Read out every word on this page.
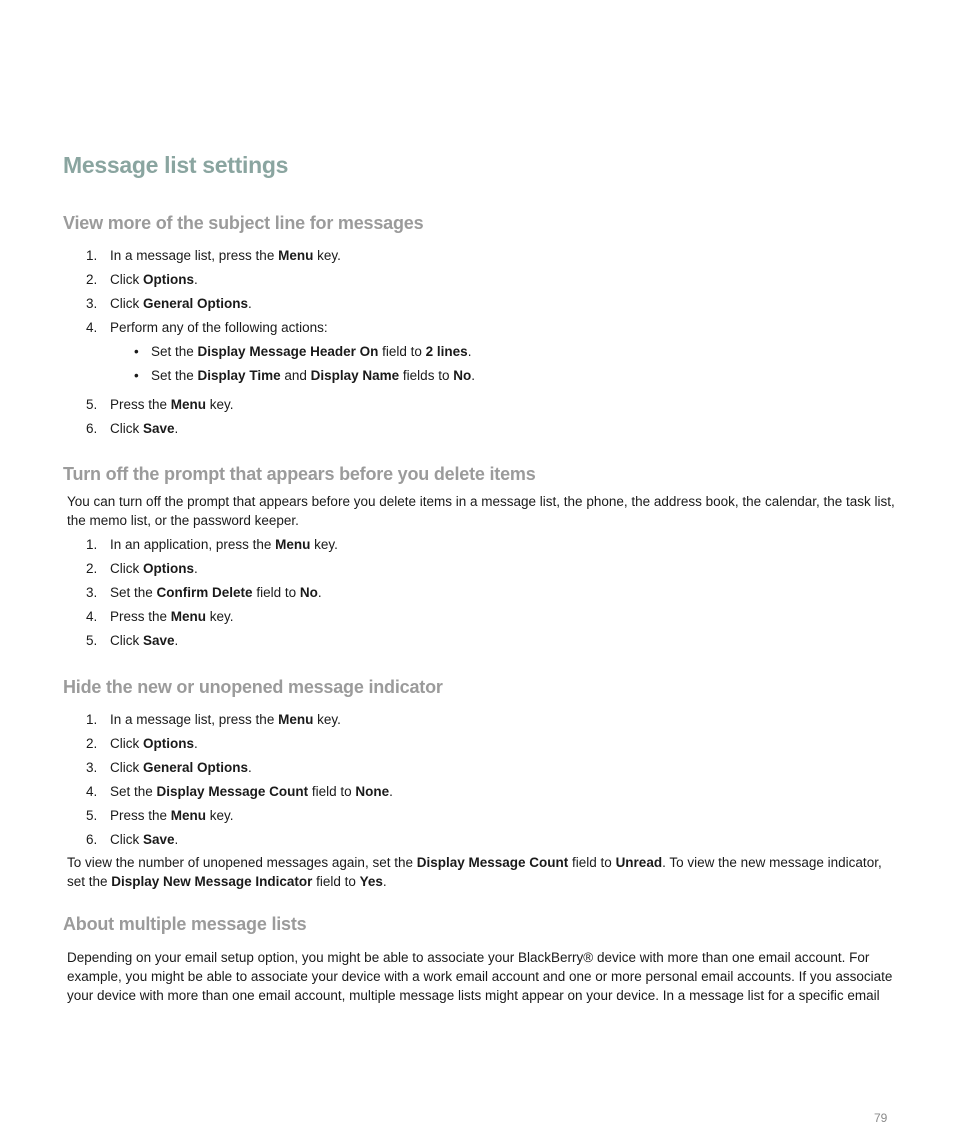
Message list settings
View more of the subject line for messages
1. In a message list, press the Menu key.
2. Click Options.
3. Click General Options.
4. Perform any of the following actions:
• Set the Display Message Header On field to 2 lines.
• Set the Display Time and Display Name fields to No.
5. Press the Menu key.
6. Click Save.
Turn off the prompt that appears before you delete items

You can turn off the prompt that appears before you delete items in a message list, the phone, the address book, the calendar, the task list, the memo list, or the password keeper.

1. In an application, press the Menu key.
2. Click Options.
3. Set the Confirm Delete field to No.
4. Press the Menu key.
5. Click Save.
Hide the new or unopened message indicator
1. In a message list, press the Menu key.
2. Click Options.
3. Click General Options.
4. Set the Display Message Count field to None.
5. Press the Menu key.
6. Click Save.

To view the number of unopened messages again, set the Display Message Count field to Unread. To view the new message indicator, set the Display New Message Indicator field to Yes.

About multiple message lists

Depending on your email setup option, you might be able to associate your BlackBerry® device with more than one email account. For example, you might be able to associate your device with a work email account and one or more personal email accounts. If you associate your device with more than one email account, multiple message lists might appear on your device. In a message list for a specific email

79
